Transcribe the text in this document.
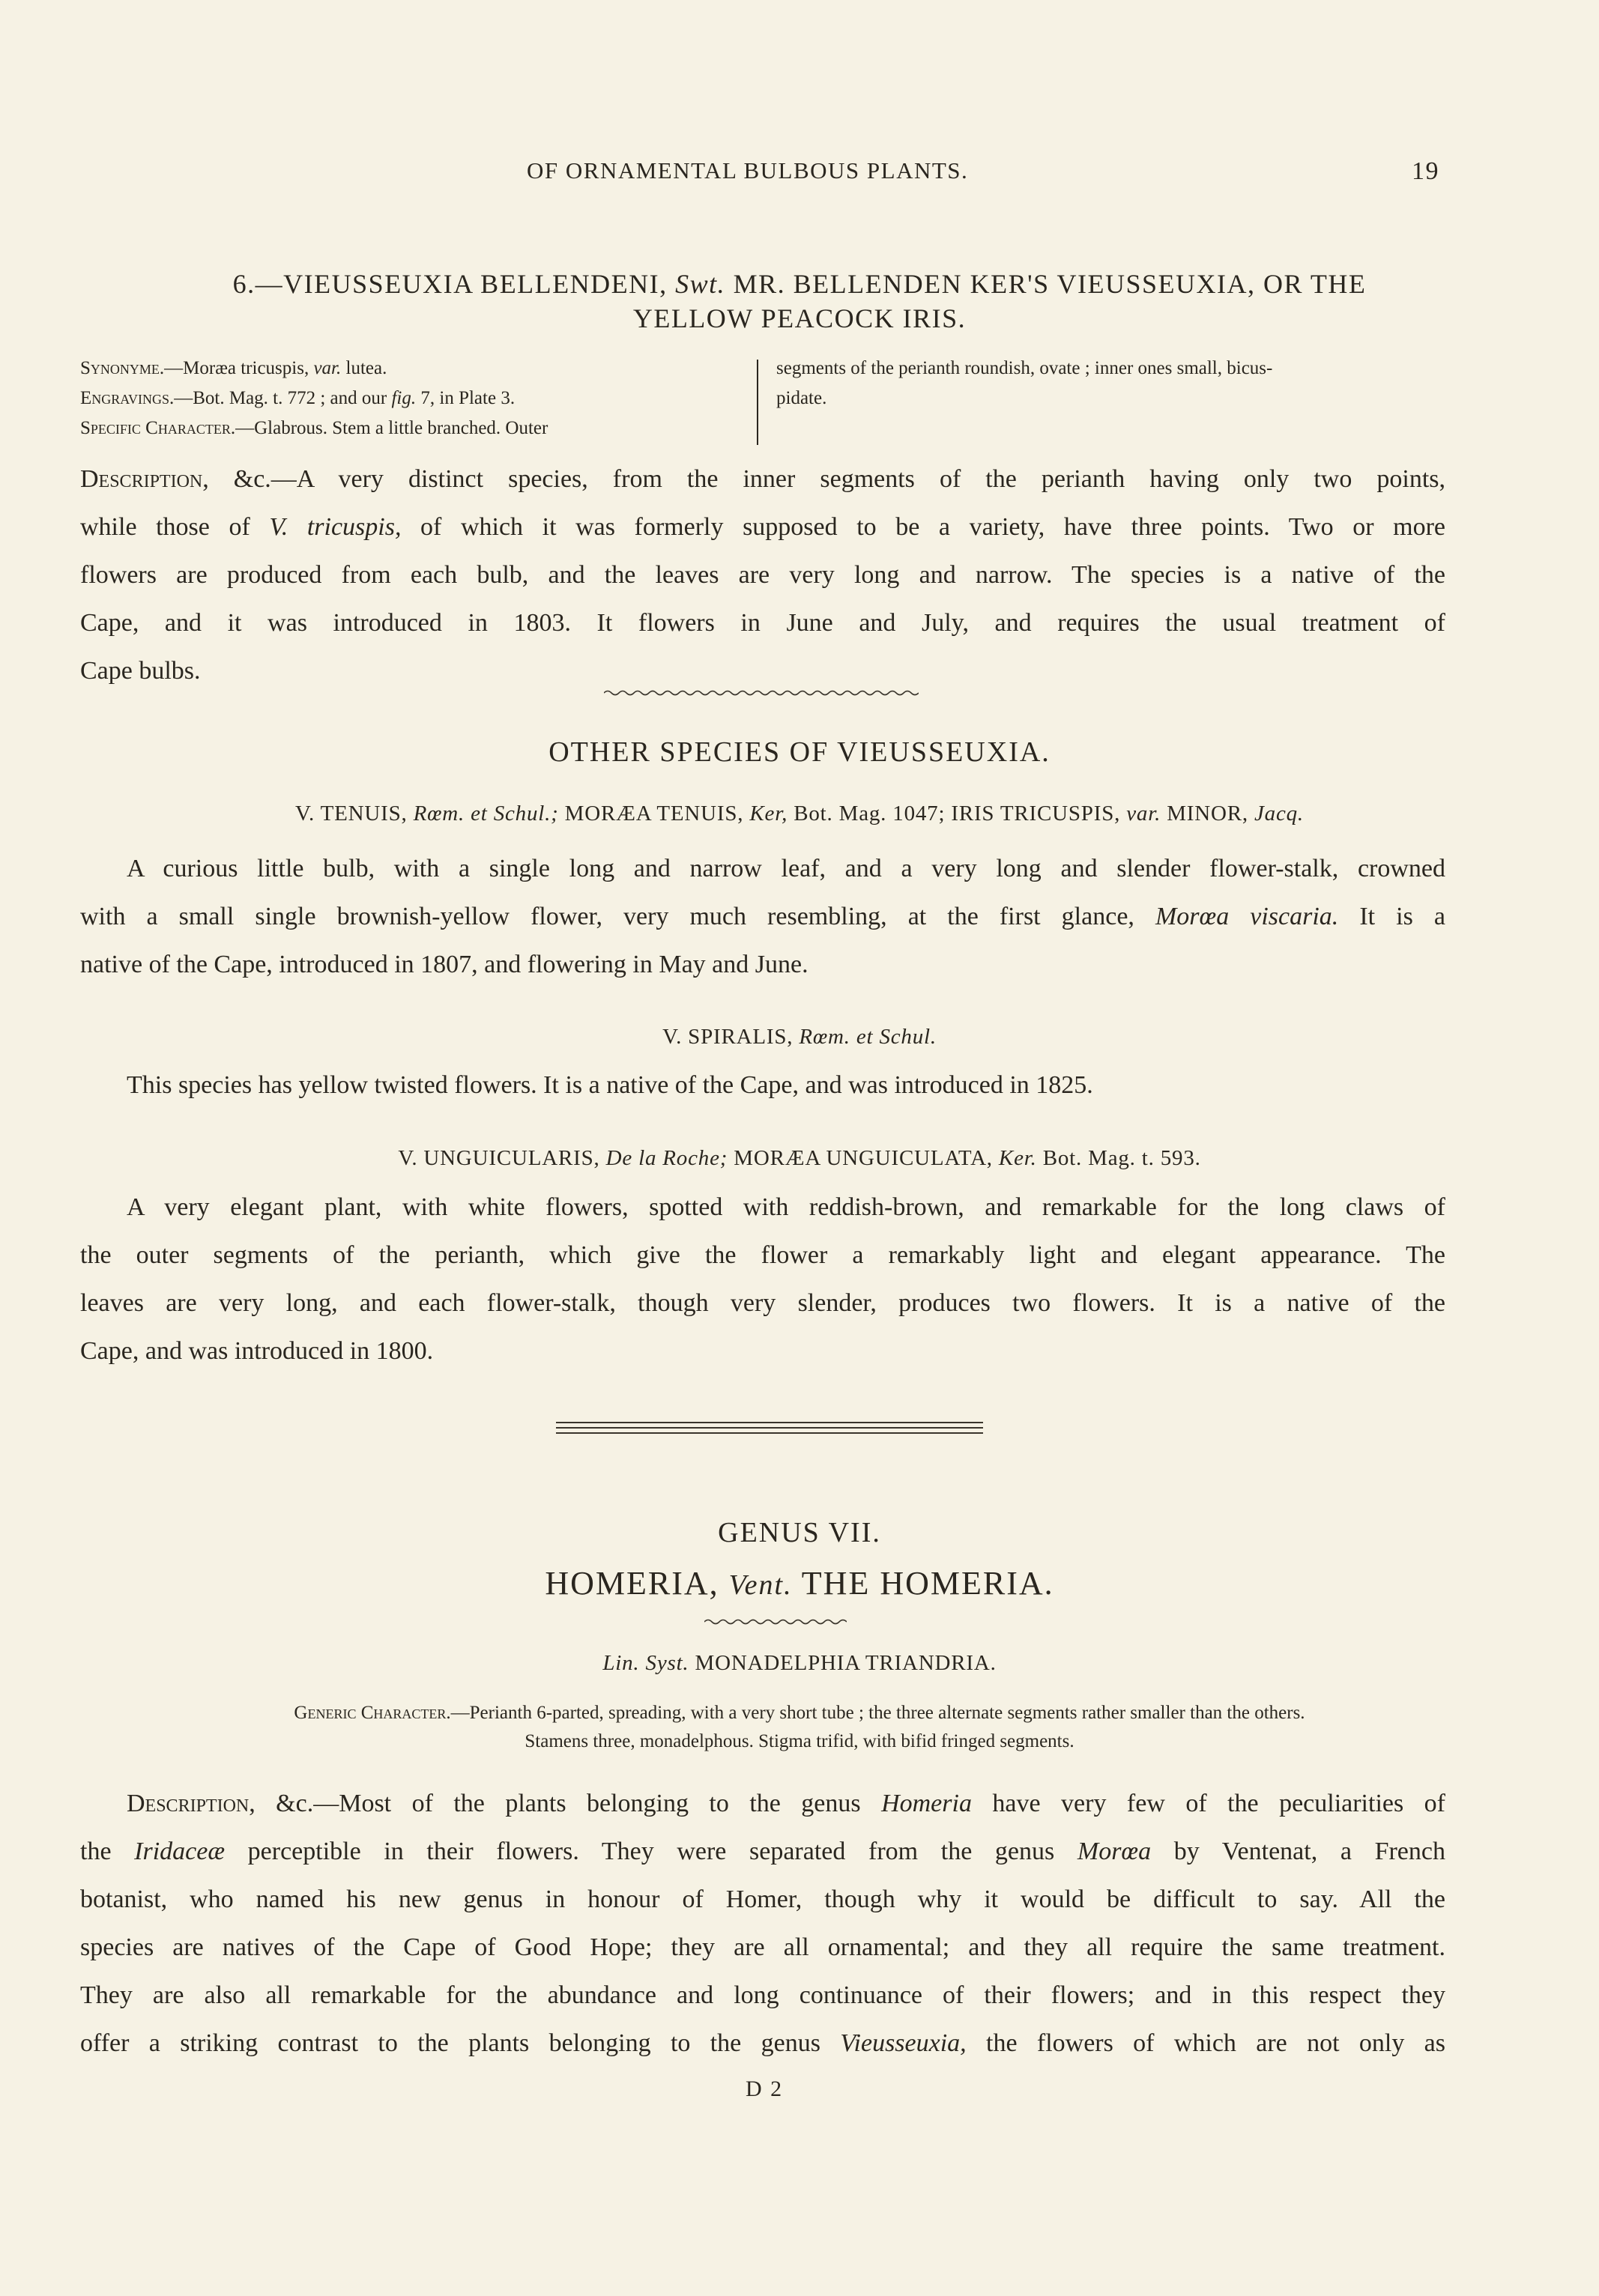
OF ORNAMENTAL BULBOUS PLANTS.	19
6.—VIEUSSEUXIA BELLENDENI, Swt. MR. BELLENDEN KER'S VIEUSSEUXIA, OR THE
YELLOW PEACOCK IRIS.
Synonyme.—Moræa tricuspis, var. lutea.
Engravings.—Bot. Mag. t. 772 ; and our fig. 7, in Plate 3.
Specific Character.—Glabrous. Stem a little branched. Outer
segments of the perianth roundish, ovate ; inner ones small, bicus-
pidate.
Description, &c.—A very distinct species, from the inner segments of the perianth having only two points,
while those of V. tricuspis, of which it was formerly supposed to be a variety, have three points. Two or more
flowers are produced from each bulb, and the leaves are very long and narrow. The species is a native of the
Cape, and it was introduced in 1803. It flowers in June and July, and requires the usual treatment of
Cape bulbs.
OTHER SPECIES OF VIEUSSEUXIA.
V. TENUIS, Rœm. et Schul.; MORÆA TENUIS, Ker, Bot. Mag. 1047; IRIS TRICUSPIS, var. MINOR, Jacq.
A curious little bulb, with a single long and narrow leaf, and a very long and slender flower-stalk, crowned
with a small single brownish-yellow flower, very much resembling, at the first glance, Morœa viscaria. It is a
native of the Cape, introduced in 1807, and flowering in May and June.
V. SPIRALIS, Rœm. et Schul.
This species has yellow twisted flowers. It is a native of the Cape, and was introduced in 1825.
V. UNGUICULARIS, De la Roche; MORÆA UNGUICULATA, Ker. Bot. Mag. t. 593.
A very elegant plant, with white flowers, spotted with reddish-brown, and remarkable for the long claws of
the outer segments of the perianth, which give the flower a remarkably light and elegant appearance. The
leaves are very long, and each flower-stalk, though very slender, produces two flowers. It is a native of the
Cape, and was introduced in 1800.
GENUS VII.
HOMERIA, Vent. THE HOMERIA.
Lin. Syst. MONADELPHIA TRIANDRIA.
Generic Character.—Perianth 6-parted, spreading, with a very short tube ; the three alternate segments rather smaller than the others.
Stamens three, monadelphous. Stigma trifid, with bifid fringed segments.
Description, &c.—Most of the plants belonging to the genus Homeria have very few of the peculiarities of
the Iridaceæ perceptible in their flowers. They were separated from the genus Morœa by Ventenat, a French
botanist, who named his new genus in honour of Homer, though why it would be difficult to say. All the
species are natives of the Cape of Good Hope; they are all ornamental; and they all require the same treatment.
They are also all remarkable for the abundance and long continuance of their flowers; and in this respect they
offer a striking contrast to the plants belonging to the genus Vieusseuxia, the flowers of which are not only as
D 2
